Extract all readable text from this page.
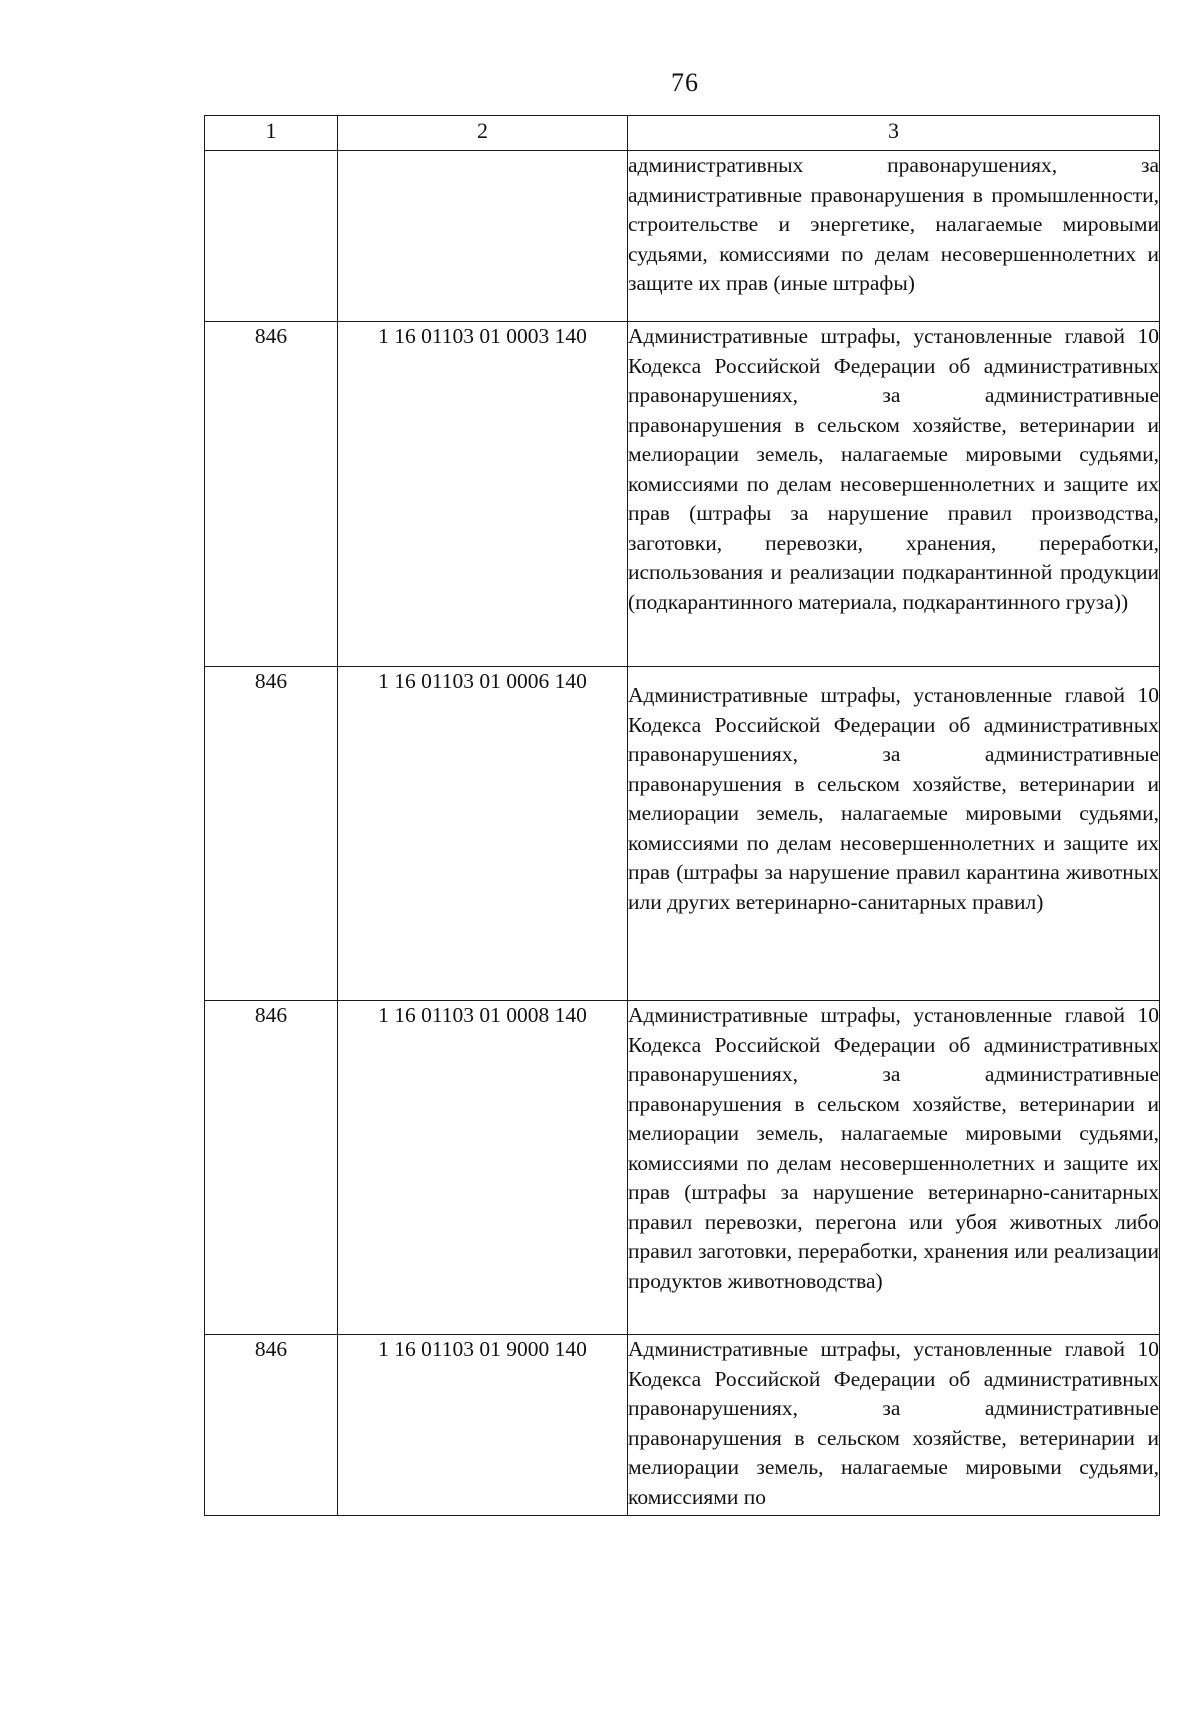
76
1	2	3
		административных правонарушениях, за административные правонарушения в промышленности, строительстве и энергетике, налагаемые мировыми судьями, комиссиями по делам несовершеннолетних и защите их прав (иные штрафы)
846	1 16 01103 01 0003 140	Административные штрафы, установленные главой 10 Кодекса Российской Федерации об административных правонарушениях, за административные правонарушения в сельском хозяйстве, ветеринарии и мелиорации земель, налагаемые мировыми судьями, комиссиями по делам несовершеннолетних и защите их прав (штрафы за нарушение правил производства, заготовки, перевозки, хранения, переработки, использования и реализации подкарантинной продукции (подкарантинного материала, подкарантинного груза))
846	1 16 01103 01 0006 140	Административные штрафы, установленные главой 10 Кодекса Российской Федерации об административных правонарушениях, за административные правонарушения в сельском хозяйстве, ветеринарии и мелиорации земель, налагаемые мировыми судьями, комиссиями по делам несовершеннолетних и защите их прав (штрафы за нарушение правил карантина животных или других ветеринарно-санитарных правил)
846	1 16 01103 01 0008 140	Административные штрафы, установленные главой 10 Кодекса Российской Федерации об административных правонарушениях, за административные правонарушения в сельском хозяйстве, ветеринарии и мелиорации земель, налагаемые мировыми судьями, комиссиями по делам несовершеннолетних и защите их прав (штрафы за нарушение ветеринарно-санитарных правил перевозки, перегона или убоя животных либо правил заготовки, переработки, хранения или реализации продуктов животноводства)
846	1 16 01103 01 9000 140	Административные штрафы, установленные главой 10 Кодекса Российской Федерации об административных правонарушениях, за административные правонарушения в сельском хозяйстве, ветеринарии и мелиорации земель, налагаемые мировыми судьями, комиссиями по
